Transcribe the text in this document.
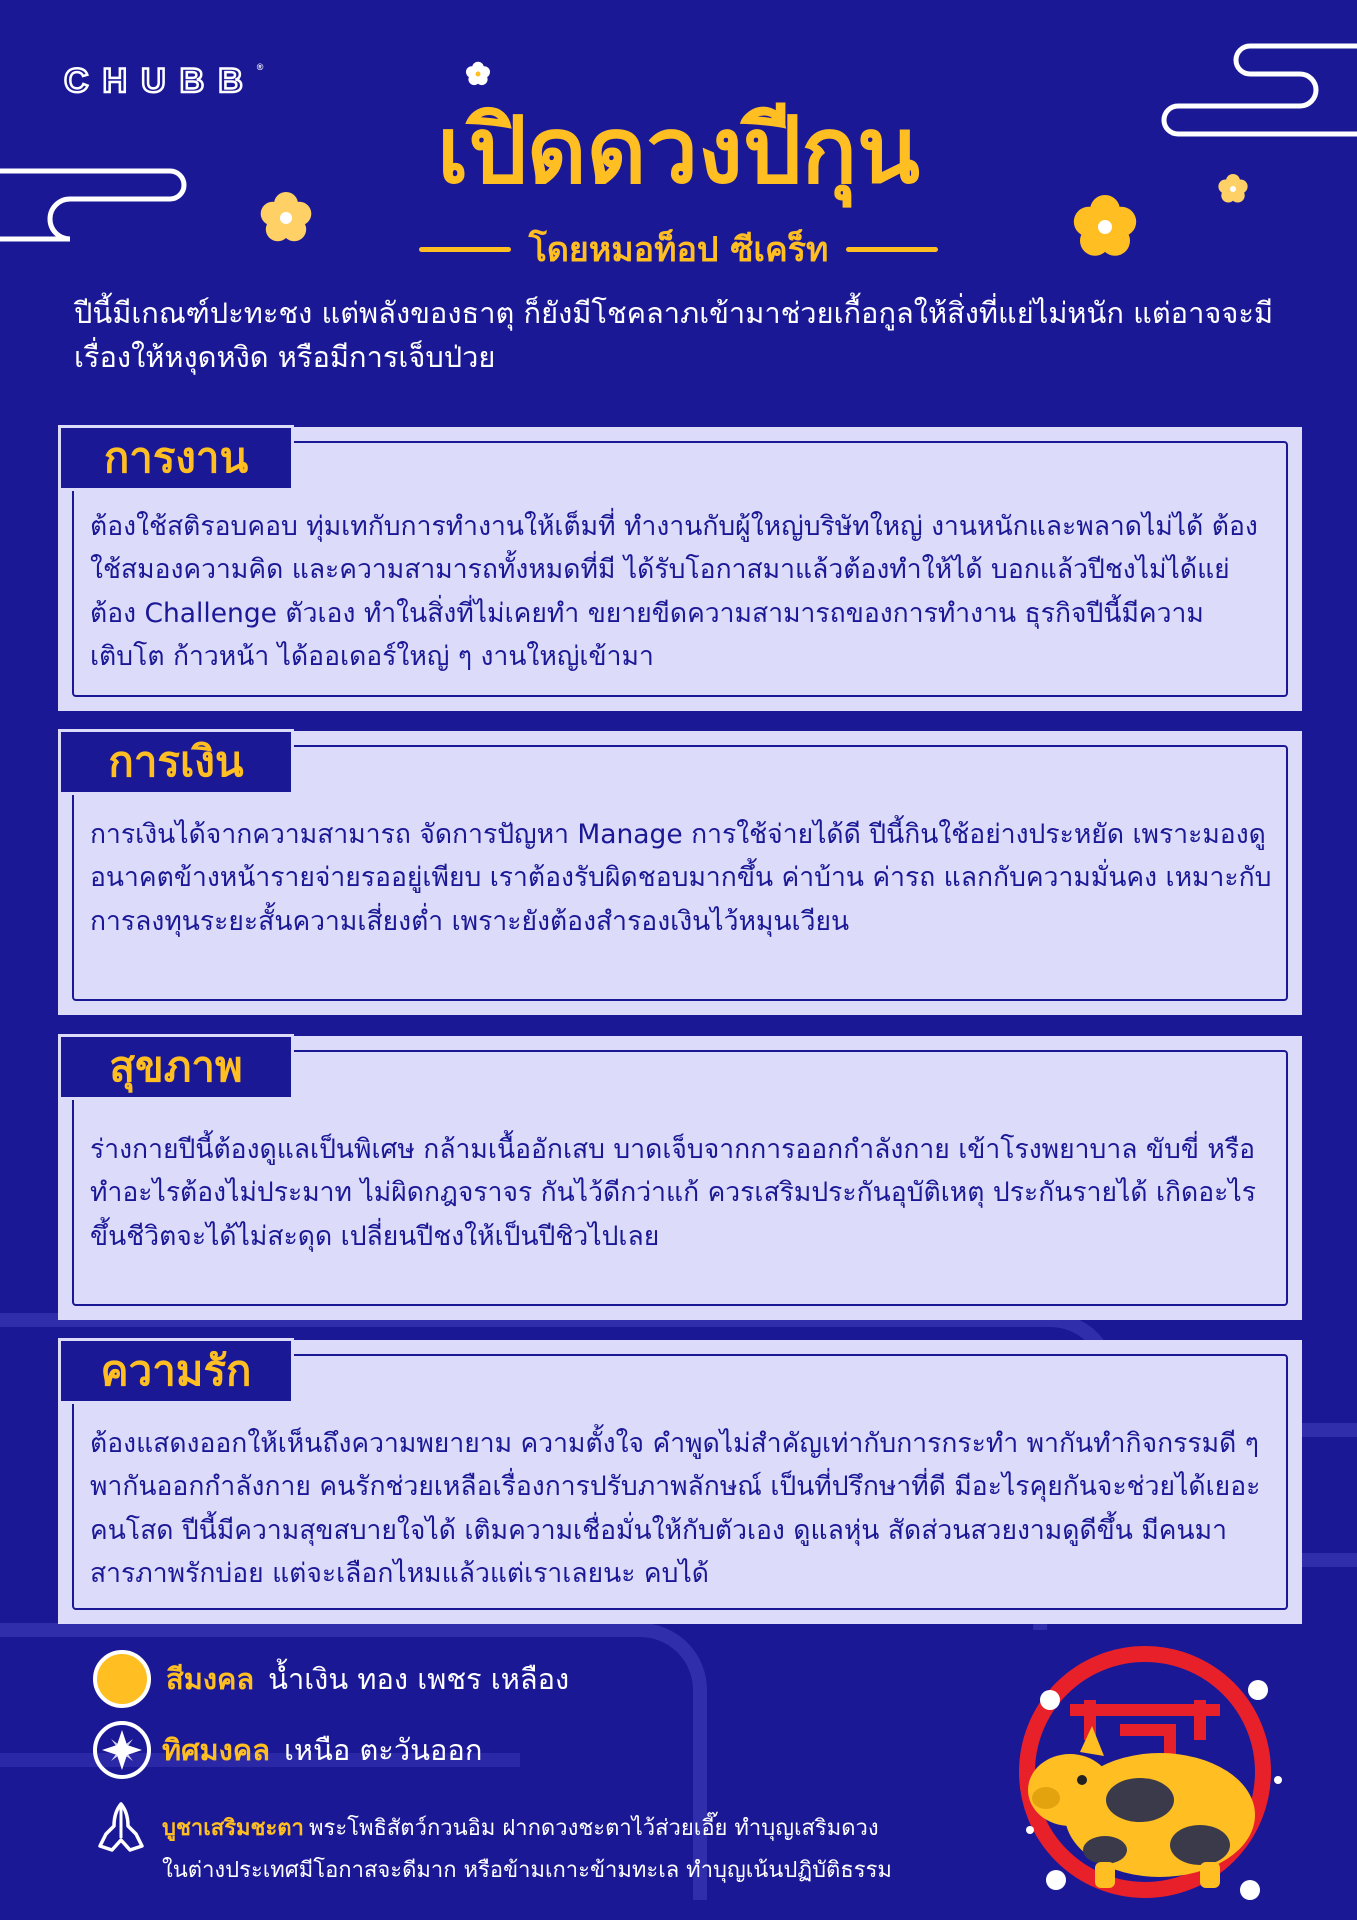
CHUBB®
เปิดดวงปีกุน
โดยหมอท็อป ซีเคร็ท
ปีนี้มีเกณฑ์ปะทะชง แต่พลังของธาตุ ก็ยังมีโชคลาภเข้ามาช่วยเกื้อกูลให้สิ่งที่แย่ไม่หนัก แต่อาจจะมีเรื่องให้หงุดหงิด หรือมีการเจ็บป่วย
การงาน
ต้องใช้สติรอบคอบ ทุ่มเทกับการทำงานให้เต็มที่ ทำงานกับผู้ใหญ่บริษัทใหญ่ งานหนักและพลาดไม่ได้ ต้องใช้สมองความคิด และความสามารถทั้งหมดที่มี ได้รับโอกาสมาแล้วต้องทำให้ได้ บอกแล้วปีชงไม่ได้แย่ ต้อง Challenge ตัวเอง ทำในสิ่งที่ไม่เคยทำ ขยายขีดความสามารถของการทำงาน ธุรกิจปีนี้มีความเติบโต ก้าวหน้า ได้ออเดอร์ใหญ่ ๆ งานใหญ่เข้ามา
การเงิน
การเงินได้จากความสามารถ จัดการปัญหา Manage การใช้จ่ายได้ดี ปีนี้กินใช้อย่างประหยัด เพราะมองดูอนาคตข้างหน้ารายจ่ายรออยู่เพียบ เราต้องรับผิดชอบมากขึ้น ค่าบ้าน ค่ารถ แลกกับความมั่นคง เหมาะกับการลงทุนระยะสั้นความเสี่ยงต่ำ เพราะยังต้องสำรองเงินไว้หมุนเวียน
สุขภาพ
ร่างกายปีนี้ต้องดูแลเป็นพิเศษ กล้ามเนื้ออักเสบ บาดเจ็บจากการออกกำลังกาย เข้าโรงพยาบาล ขับขี่ หรือทำอะไรต้องไม่ประมาท ไม่ผิดกฎจราจร กันไว้ดีกว่าแก้ ควรเสริมประกันอุบัติเหตุ ประกันรายได้ เกิดอะไรขึ้นชีวิตจะได้ไม่สะดุด เปลี่ยนปีชงให้เป็นปีชิวไปเลย
ความรัก
ต้องแสดงออกให้เห็นถึงความพยายาม ความตั้งใจ คำพูดไม่สำคัญเท่ากับการกระทำ พากันทำกิจกรรมดี ๆ พากันออกกำลังกาย คนรักช่วยเหลือเรื่องการปรับภาพลักษณ์ เป็นที่ปรึกษาที่ดี มีอะไรคุยกันจะช่วยได้เยอะ คนโสด ปีนี้มีความสุขสบายใจได้ เติมความเชื่อมั่นให้กับตัวเอง ดูแลหุ่น สัดส่วนสวยงามดูดีขึ้น มีคนมาสารภาพรักบ่อย แต่จะเลือกไหมแล้วแต่เราเลยนะ คบได้
สีมงคล น้ำเงิน ทอง เพชร เหลือง
ทิศมงคล เหนือ ตะวันออก
บูชาเสริมชะตา พระโพธิสัตว์กวนอิม ฝากดวงชะตาไว้ส่วยเอี๊ย ทำบุญเสริมดวง
ในต่างประเทศมีโอกาสจะดีมาก หรือข้ามเกาะข้ามทะเล ทำบุญเน้นปฏิบัติธรรม
